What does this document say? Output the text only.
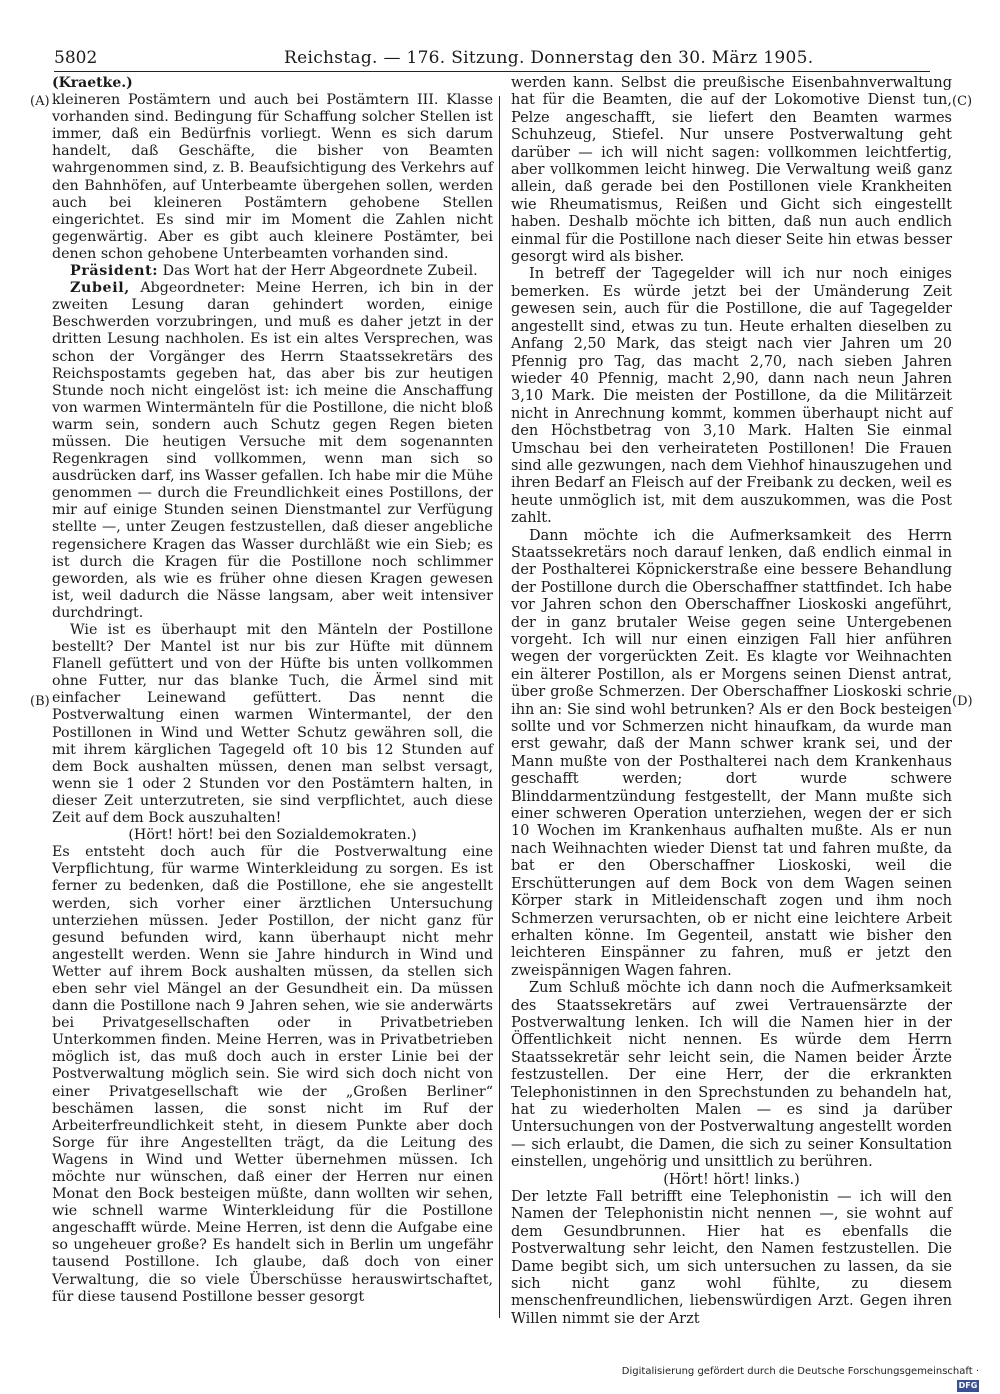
5802	Reichstag. — 176. Sitzung. Donnerstag den 30. März 1905.
(A)
(B)
(C)
(D)

(Kraetke.)

kleineren Postämtern und auch bei Postämtern III. Klasse vorhanden sind. Bedingung für Schaffung solcher Stellen ist immer, daß ein Bedürfnis vorliegt. Wenn es sich darum handelt, daß Geschäfte, die bisher von Beamten wahrgenommen sind, z. B. Beaufsichtigung des Verkehrs auf den Bahnhöfen, auf Unterbeamte übergehen sollen, werden auch bei kleineren Postämtern gehobene Stellen eingerichtet. Es sind mir im Moment die Zahlen nicht gegenwärtig. Aber es gibt auch kleinere Postämter, bei denen schon gehobene Unterbeamten vorhanden sind.

Präsident: Das Wort hat der Herr Abgeordnete Zubeil.

Zubeil, Abgeordneter: Meine Herren, ich bin in der zweiten Lesung daran gehindert worden, einige Beschwerden vorzubringen, und muß es daher jetzt in der dritten Lesung nachholen. Es ist ein altes Versprechen, was schon der Vorgänger des Herrn Staatssekretärs des Reichspostamts gegeben hat, das aber bis zur heutigen Stunde noch nicht eingelöst ist: ich meine die Anschaffung von warmen Wintermänteln für die Postillone, die nicht bloß warm sein, sondern auch Schutz gegen Regen bieten müssen. Die heutigen Versuche mit dem sogenannten Regenkragen sind vollkommen, wenn man sich so ausdrücken darf, ins Wasser gefallen. Ich habe mir die Mühe genommen — durch die Freundlichkeit eines Postillons, der mir auf einige Stunden seinen Dienstmantel zur Verfügung stellte —, unter Zeugen festzustellen, daß dieser angebliche regensichere Kragen das Wasser durchläßt wie ein Sieb; es ist durch die Kragen für die Postillone noch schlimmer geworden, als wie es früher ohne diesen Kragen gewesen ist, weil dadurch die Nässe langsam, aber weit intensiver durchdringt.

Wie ist es überhaupt mit den Mänteln der Postillone bestellt? Der Mantel ist nur bis zur Hüfte mit dünnem Flanell gefüttert und von der Hüfte bis unten vollkommen ohne Futter, nur das blanke Tuch, die Ärmel sind mit einfacher Leinewand gefüttert. Das nennt die Postverwaltung einen warmen Wintermantel, der den Postillonen in Wind und Wetter Schutz gewähren soll, die mit ihrem kärglichen Tagegeld oft 10 bis 12 Stunden auf dem Bock aushalten müssen, denen man selbst versagt, wenn sie 1 oder 2 Stunden vor den Postämtern halten, in dieser Zeit unterzutreten, sie sind verpflichtet, auch diese Zeit auf dem Bock auszuhalten!

(Hört! hört! bei den Sozialdemokraten.)

Es entsteht doch auch für die Postverwaltung eine Verpflichtung, für warme Winterkleidung zu sorgen. Es ist ferner zu bedenken, daß die Postillone, ehe sie angestellt werden, sich vorher einer ärztlichen Untersuchung unterziehen müssen. Jeder Postillon, der nicht ganz für gesund befunden wird, kann überhaupt nicht mehr angestellt werden. Wenn sie Jahre hindurch in Wind und Wetter auf ihrem Bock aushalten müssen, da stellen sich eben sehr viel Mängel an der Gesundheit ein. Da müssen dann die Postillone nach 9 Jahren sehen, wie sie anderwärts bei Privatgesellschaften oder in Privatbetrieben Unterkommen finden. Meine Herren, was in Privatbetrieben möglich ist, das muß doch auch in erster Linie bei der Postverwaltung möglich sein. Sie wird sich doch nicht von einer Privatgesellschaft wie der „Großen Berliner“ beschämen lassen, die sonst nicht im Ruf der Arbeiterfreundlichkeit steht, in diesem Punkte aber doch Sorge für ihre Angestellten trägt, da die Leitung des Wagens in Wind und Wetter übernehmen müssen. Ich möchte nur wünschen, daß einer der Herren nur einen Monat den Bock besteigen müßte, dann wollten wir sehen, wie schnell warme Winterkleidung für die Postillone angeschafft würde. Meine Herren, ist denn die Aufgabe eine so ungeheuer große? Es handelt sich in Berlin um ungefähr tausend Postillone. Ich glaube, daß doch von einer Verwaltung, die so viele Überschüsse herauswirtschaftet, für diese tausend Postillone besser gesorgt

werden kann. Selbst die preußische Eisenbahnverwaltung hat für die Beamten, die auf der Lokomotive Dienst tun, Pelze angeschafft, sie liefert den Beamten warmes Schuhzeug, Stiefel. Nur unsere Postverwaltung geht darüber — ich will nicht sagen: vollkommen leichtfertig, aber vollkommen leicht hinweg. Die Verwaltung weiß ganz allein, daß gerade bei den Postillonen viele Krankheiten wie Rheumatismus, Reißen und Gicht sich eingestellt haben. Deshalb möchte ich bitten, daß nun auch endlich einmal für die Postillone nach dieser Seite hin etwas besser gesorgt wird als bisher.

In betreff der Tagegelder will ich nur noch einiges bemerken. Es würde jetzt bei der Umänderung Zeit gewesen sein, auch für die Postillone, die auf Tagegelder angestellt sind, etwas zu tun. Heute erhalten dieselben zu Anfang 2,50 Mark, das steigt nach vier Jahren um 20 Pfennig pro Tag, das macht 2,70, nach sieben Jahren wieder 40 Pfennig, macht 2,90, dann nach neun Jahren 3,10 Mark. Die meisten der Postillone, da die Militärzeit nicht in Anrechnung kommt, kommen überhaupt nicht auf den Höchstbetrag von 3,10 Mark. Halten Sie einmal Umschau bei den verheirateten Postillonen! Die Frauen sind alle gezwungen, nach dem Viehhof hinauszugehen und ihren Bedarf an Fleisch auf der Freibank zu decken, weil es heute unmöglich ist, mit dem auszukommen, was die Post zahlt.

Dann möchte ich die Aufmerksamkeit des Herrn Staatssekretärs noch darauf lenken, daß endlich einmal in der Posthalterei Köpnickerstraße eine bessere Behandlung der Postillone durch die Oberschaffner stattfindet. Ich habe vor Jahren schon den Oberschaffner Lioskoski angeführt, der in ganz brutaler Weise gegen seine Untergebenen vorgeht. Ich will nur einen einzigen Fall hier anführen wegen der vorgerückten Zeit. Es klagte vor Weihnachten ein älterer Postillon, als er Morgens seinen Dienst antrat, über große Schmerzen. Der Oberschaffner Lioskoski schrie ihn an: Sie sind wohl betrunken? Als er den Bock besteigen sollte und vor Schmerzen nicht hinaufkam, da wurde man erst gewahr, daß der Mann schwer krank sei, und der Mann mußte von der Posthalterei nach dem Krankenhaus geschafft werden; dort wurde schwere Blinddarmentzündung festgestellt, der Mann mußte sich einer schweren Operation unterziehen, wegen der er sich 10 Wochen im Krankenhaus aufhalten mußte. Als er nun nach Weihnachten wieder Dienst tat und fahren mußte, da bat er den Oberschaffner Lioskoski, weil die Erschütterungen auf dem Bock von dem Wagen seinen Körper stark in Mitleidenschaft zogen und ihm noch Schmerzen verursachten, ob er nicht eine leichtere Arbeit erhalten könne. Im Gegenteil, anstatt wie bisher den leichteren Einspänner zu fahren, muß er jetzt den zweispännigen Wagen fahren.

Zum Schluß möchte ich dann noch die Aufmerksamkeit des Staatssekretärs auf zwei Vertrauensärzte der Postverwaltung lenken. Ich will die Namen hier in der Öffentlichkeit nicht nennen. Es würde dem Herrn Staatssekretär sehr leicht sein, die Namen beider Ärzte festzustellen. Der eine Herr, der die erkrankten Telephonistinnen in den Sprechstunden zu behandeln hat, hat zu wiederholten Malen — es sind ja darüber Untersuchungen von der Postverwaltung angestellt worden — sich erlaubt, die Damen, die sich zu seiner Konsultation einstellen, ungehörig und unsittlich zu berühren.

(Hört! hört! links.)

Der letzte Fall betrifft eine Telephonistin — ich will den Namen der Telephonistin nicht nennen —, sie wohnt auf dem Gesundbrunnen. Hier hat es ebenfalls die Postverwaltung sehr leicht, den Namen festzustellen. Die Dame begibt sich, um sich untersuchen zu lassen, da sie sich nicht ganz wohl fühlte, zu diesem menschenfreundlichen, liebenswürdigen Arzt. Gegen ihren Willen nimmt sie der Arzt

Digitalisierung gefördert durch die Deutsche Forschungsgemeinschaft · DFG
